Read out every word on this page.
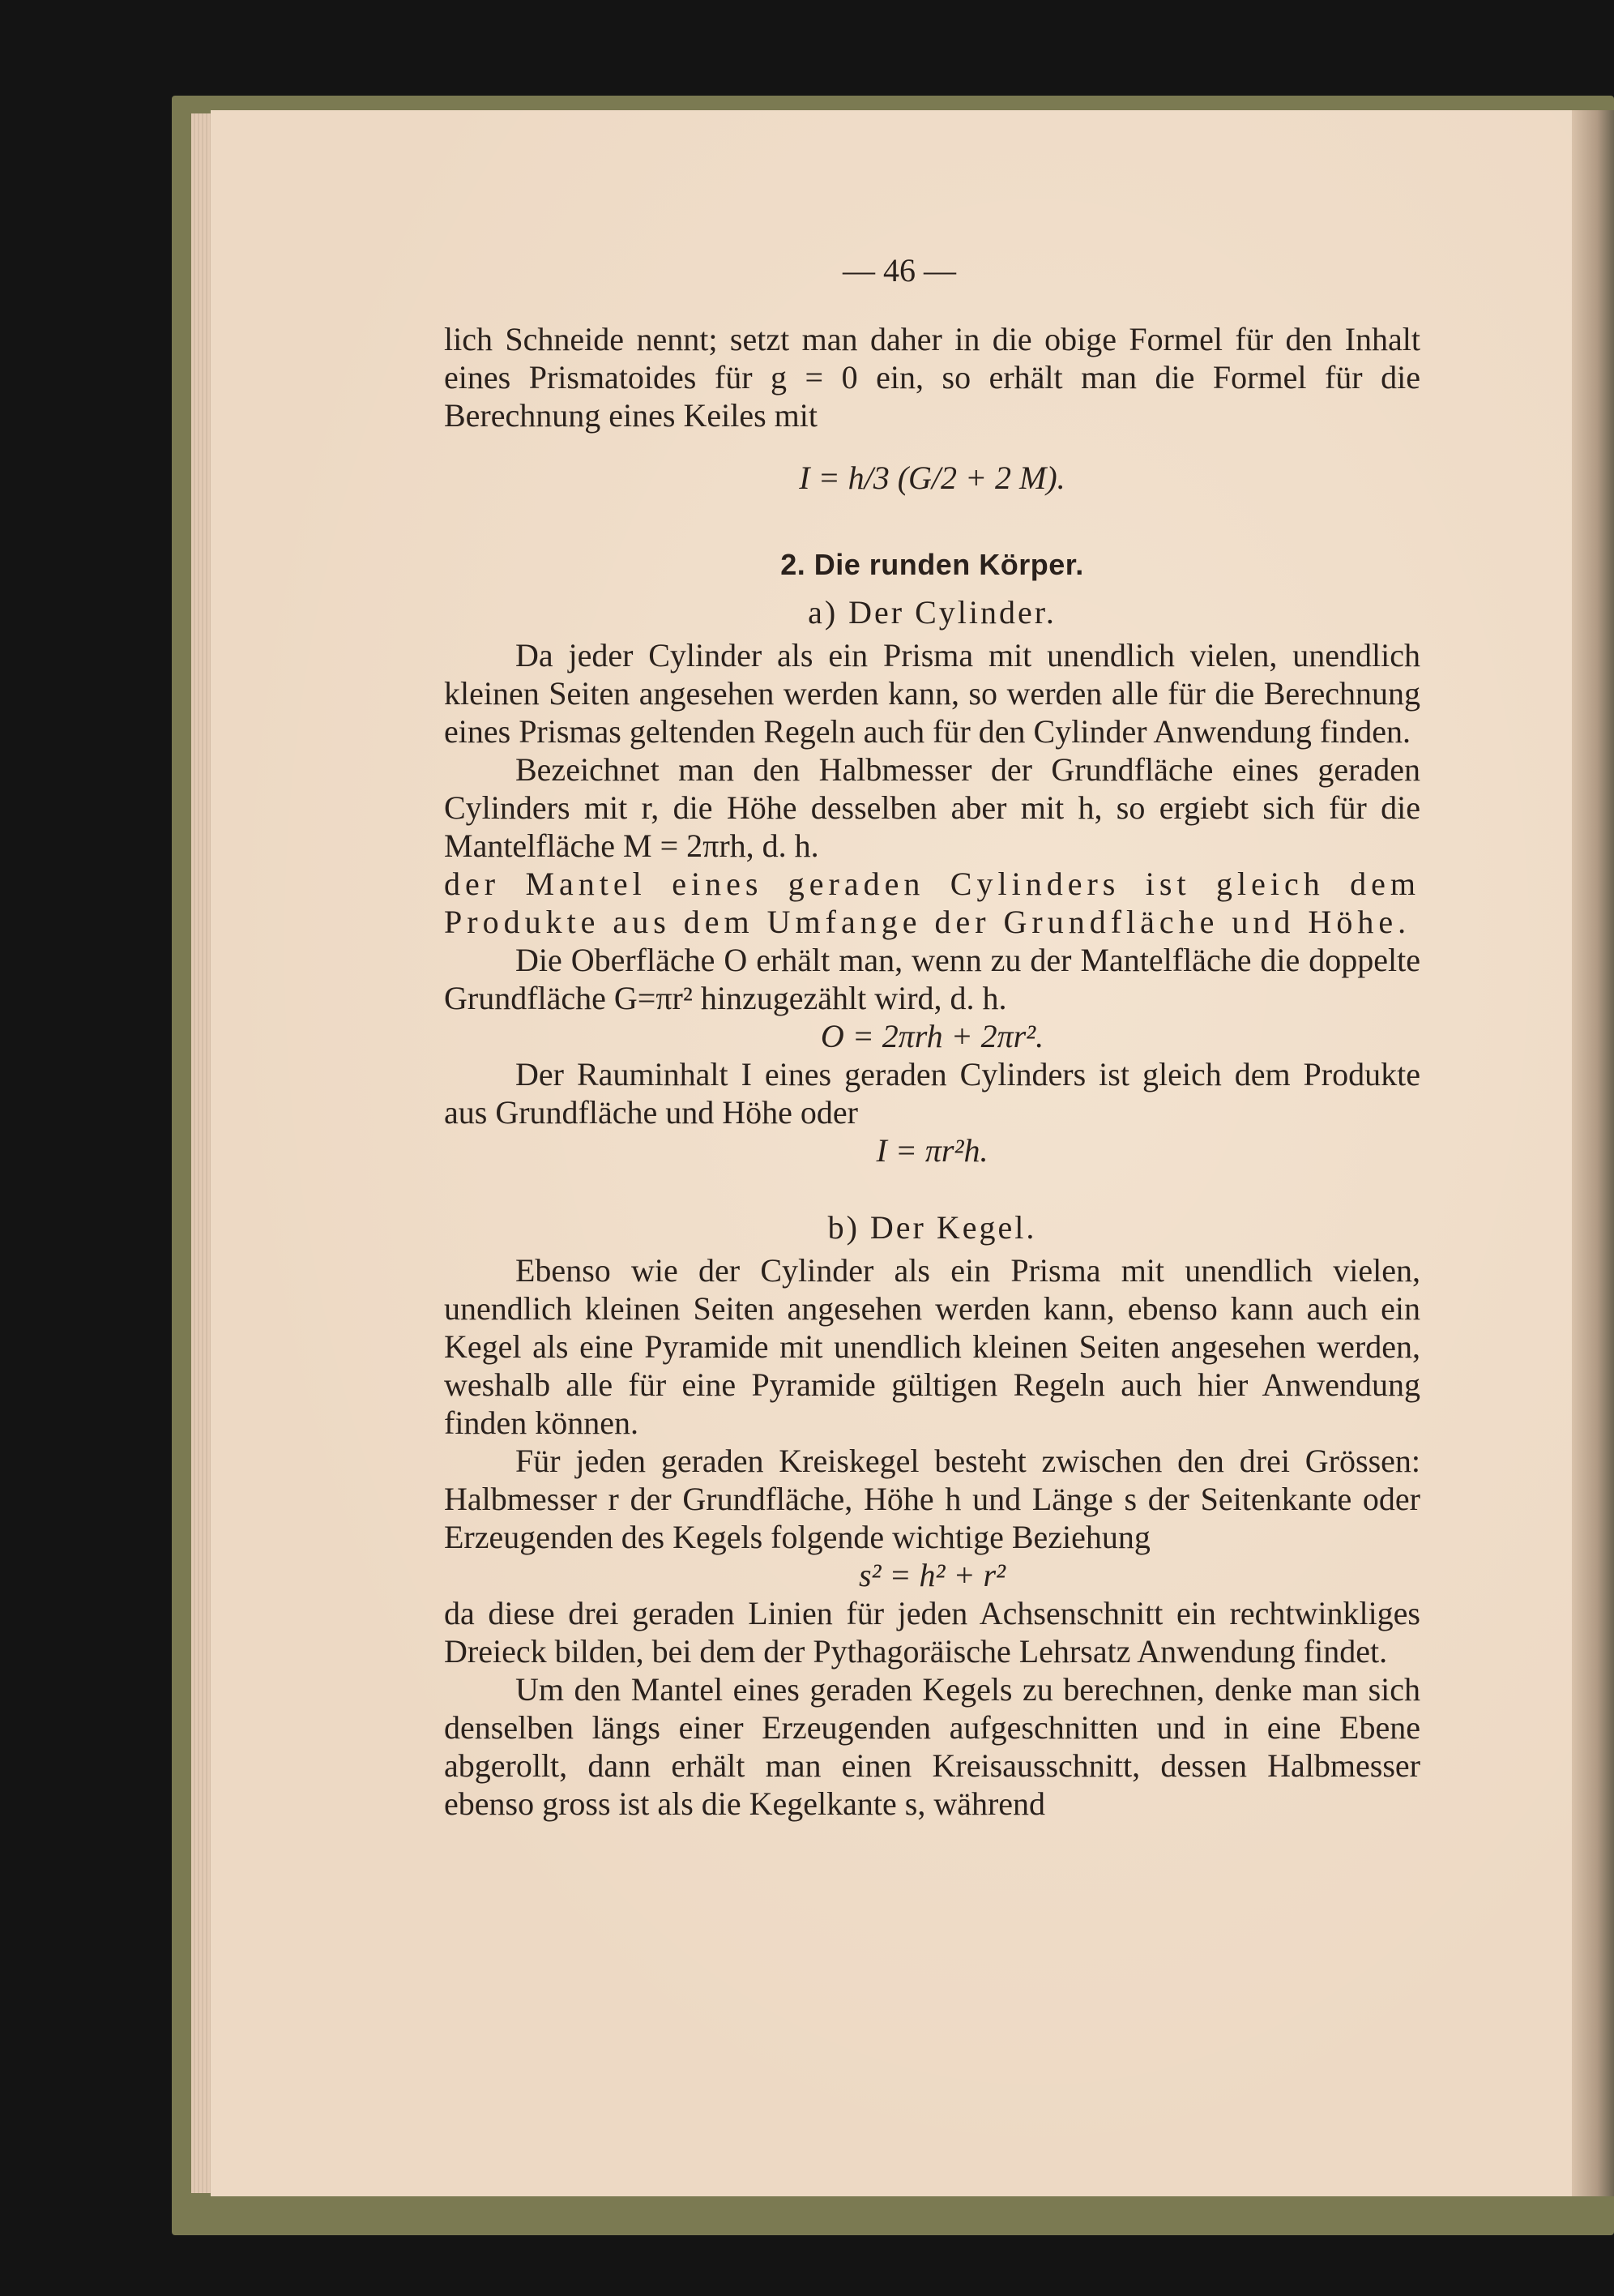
— 46 —

lich Schneide nennt; setzt man daher in die obige Formel für den Inhalt eines Prismatoides für g = 0 ein, so erhält man die Formel für die Berechnung eines Keiles mit

I = h/3 (G/2 + 2 M).

2. Die runden Körper.
a) Der Cylinder.

Da jeder Cylinder als ein Prisma mit unendlich vielen, unendlich kleinen Seiten angesehen werden kann, so werden alle für die Berechnung eines Prismas geltenden Regeln auch für den Cylinder Anwendung finden.

Bezeichnet man den Halbmesser der Grundfläche eines geraden Cylinders mit r, die Höhe desselben aber mit h, so ergiebt sich für die Mantelfläche M = 2πrh, d. h.

der Mantel eines geraden Cylinders ist gleich dem Produkte aus dem Umfange der Grundfläche und Höhe.

Die Oberfläche O erhält man, wenn zu der Mantelfläche die doppelte Grundfläche G=πr² hinzugezählt wird, d. h.

O = 2πrh + 2πr².

Der Rauminhalt I eines geraden Cylinders ist gleich dem Produkte aus Grundfläche und Höhe oder

I = πr²h.

b) Der Kegel.

Ebenso wie der Cylinder als ein Prisma mit unendlich vielen, unendlich kleinen Seiten angesehen werden kann, ebenso kann auch ein Kegel als eine Pyramide mit unendlich kleinen Seiten angesehen werden, weshalb alle für eine Pyramide gültigen Regeln auch hier Anwendung finden können.

Für jeden geraden Kreiskegel besteht zwischen den drei Grössen: Halbmesser r der Grundfläche, Höhe h und Länge s der Seitenkante oder Erzeugenden des Kegels folgende wichtige Beziehung

s² = h² + r²

da diese drei geraden Linien für jeden Achsenschnitt ein rechtwinkliges Dreieck bilden, bei dem der Pythagoräische Lehrsatz Anwendung findet.

Um den Mantel eines geraden Kegels zu berechnen, denke man sich denselben längs einer Erzeugenden aufgeschnitten und in eine Ebene abgerollt, dann erhält man einen Kreisausschnitt, dessen Halbmesser ebenso gross ist als die Kegelkante s, während
